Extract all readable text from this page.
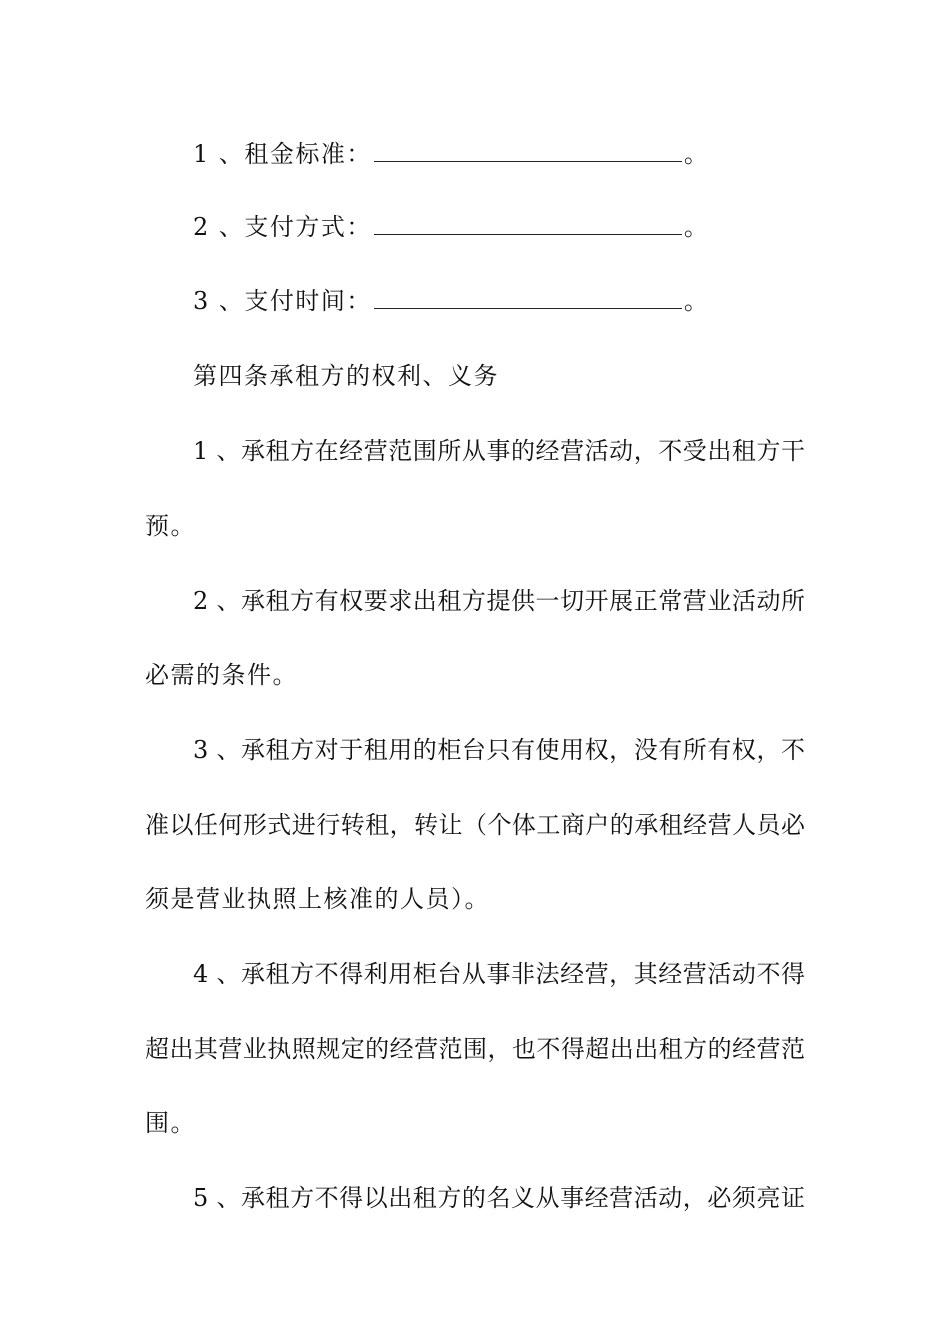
1 、租金标准：	。
2 、支付方式：	。
3 、支付时间：	。
第四条承租方的权利、义务
1 、承租方在经营范围所从事的经营活动，不受出租方干
预。
2 、承租方有权要求出租方提供一切开展正常营业活动所
必需的条件。
3 、承租方对于租用的柜台只有使用权，没有所有权，不
准以任何形式进行转租，转让（个体工商户的承租经营人员必
须是营业执照上核准的人员）。
4 、承租方不得利用柜台从事非法经营，其经营活动不得
超出其营业执照规定的经营范围，也不得超出出租方的经营范
围。
5 、承租方不得以出租方的名义从事经营活动，必须亮证
